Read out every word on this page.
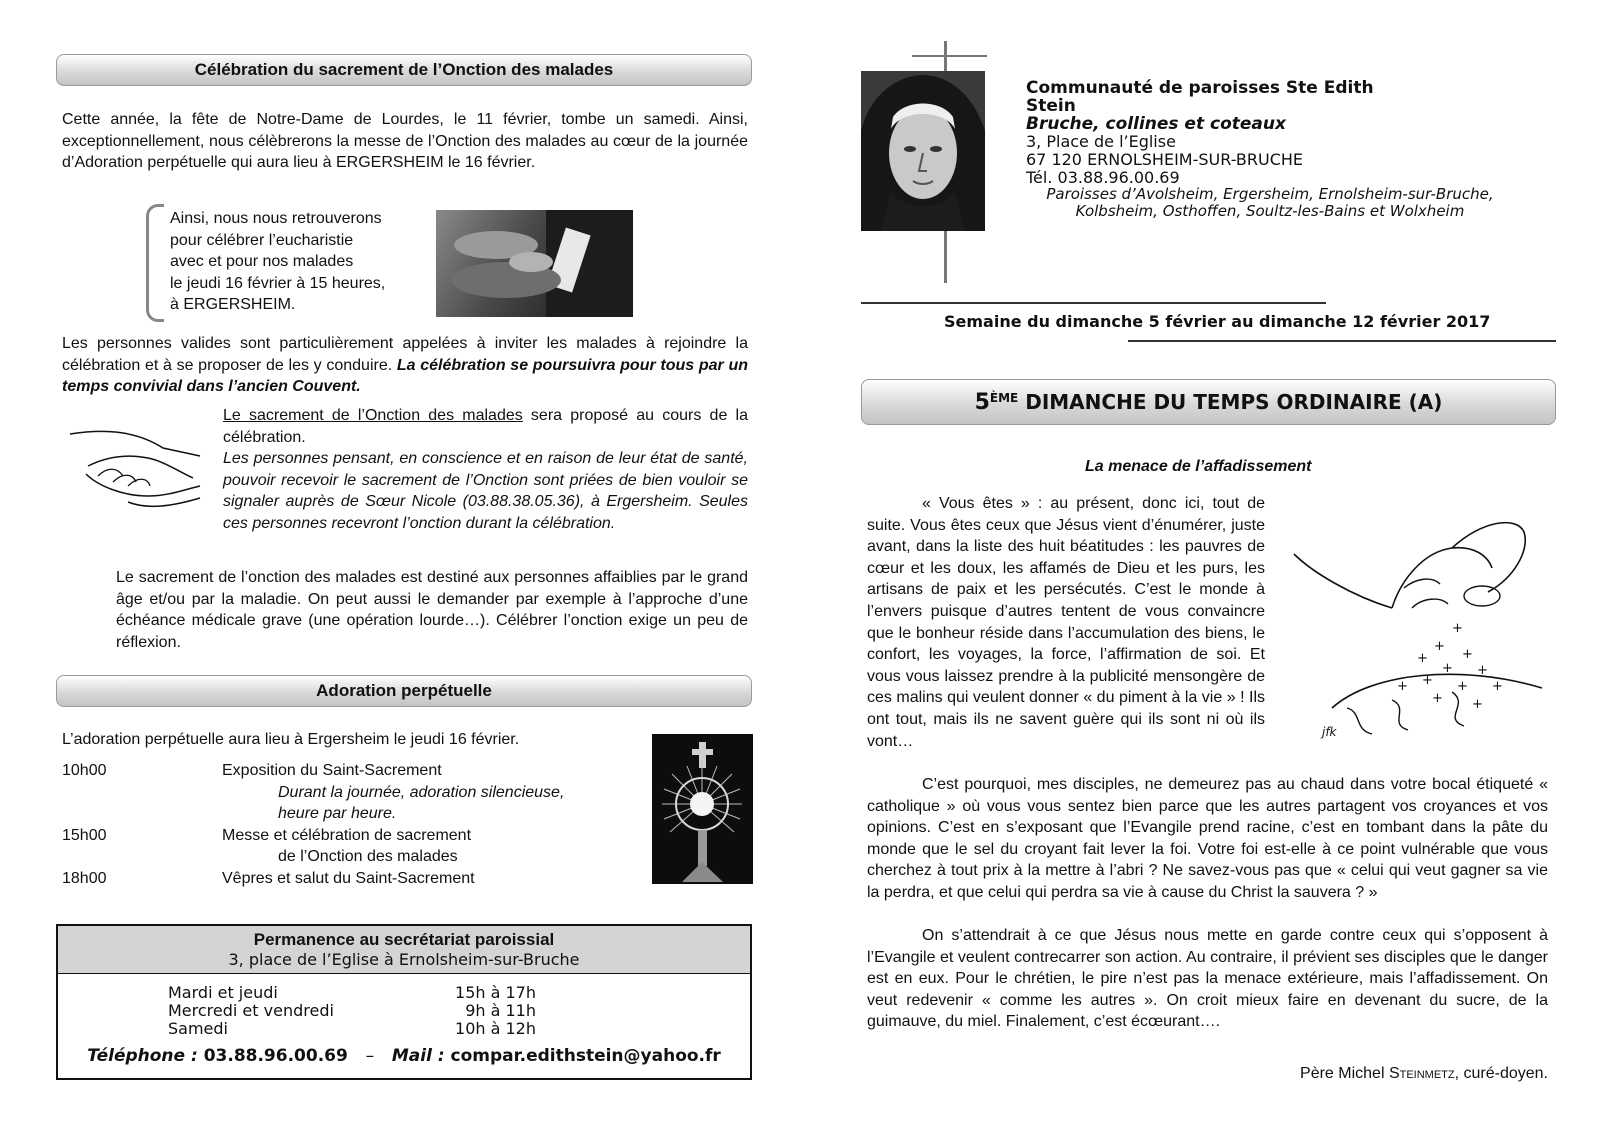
Célébration du sacrement de l’Onction des malades
Cette année, la fête de Notre-Dame de Lourdes, le 11 février, tombe un samedi. Ainsi, exceptionnellement, nous célèbrerons la messe de l’Onction des malades au cœur de la journée d’Adoration perpétuelle qui aura lieu à ERGERSHEIM le 16 février.
Ainsi, nous nous retrouverons
pour célébrer l’eucharistie
avec et pour nos malades
le jeudi 16 février à 15 heures,
à ERGERSHEIM.
Les personnes valides sont particulièrement appelées à inviter les malades à rejoindre la célébration et à se proposer de les y conduire. La célébration se poursuivra pour tous par un temps convivial dans l’ancien Couvent.

Le sacrement de l’Onction des malades sera proposé au cours de la célébration.

Les personnes pensant, en conscience et en raison de leur état de santé, pouvoir recevoir le sacrement de l’Onction sont priées de bien vouloir se signaler auprès de Sœur Nicole (03.88.38.05.36), à Ergersheim. Seules ces personnes recevront l’onction durant la célébration.

Le sacrement de l’onction des malades est destiné aux personnes affaiblies par le grand âge et/ou par la maladie. On peut aussi le demander par exemple à l’approche d’une échéance médicale grave (une opération lourde…). Célébrer l’onction exige un peu de réflexion.
Adoration perpétuelle
L’adoration perpétuelle aura lieu à Ergersheim le jeudi 16 février.
10h00	Exposition du Saint-Sacrement
Durant la journée, adoration silencieuse,
heure par heure.
15h00	Messe et célébration de sacrement
de l’Onction des malades
18h00	Vêpres et salut du Saint-Sacrement
Permanence au secrétariat paroissial
3, place de l’Eglise à Ernolsheim-sur-Bruche
Mardi et jeudi	15h à 17h
Mercredi et vendredi	9h à 11h
Samedi	10h à 12h
Téléphone : 03.88.96.00.69 – Mail : compar.edithstein@yahoo.fr
Communauté de paroisses Ste Edith Stein
Bruche, collines et coteaux
3, Place de l’Eglise
67 120 ERNOLSHEIM-SUR-BRUCHE
Tél. 03.88.96.00.69
Paroisses d’Avolsheim, Ergersheim, Ernolsheim-sur-Bruche,
Kolbsheim, Osthoffen, Soultz-les-Bains et Wolxheim
Semaine du dimanche 5 février au dimanche 12 février 2017
5ÈME
DIMANCHE DU TEMPS ORDINAIRE (A)
La menace de l’affadissement
+
+
+	+
+ +
+ +
+	+
+ +
jfk
« Vous êtes » : au présent, donc ici, tout de suite. Vous êtes ceux que Jésus vient d’énumérer, juste avant, dans la liste des huit béatitudes : les pauvres de cœur et les doux, les affamés de Dieu et les purs, les artisans de paix et les persécutés. C’est le monde à l’envers puisque d’autres tentent de vous convaincre que le bonheur réside dans l’accumulation des biens, le confort, les voyages, la force, l’affirmation de soi. Et vous vous laissez prendre à la publicité mensongère de ces malins qui veulent donner « du piment à la vie » ! Ils ont tout, mais ils ne savent guère qui ils sont ni où ils vont…
C’est pourquoi, mes disciples, ne demeurez pas au chaud dans votre bocal étiqueté « catholique » où vous vous sentez bien parce que les autres partagent vos croyances et vos opinions. C’est en s’exposant que l’Evangile prend racine, c’est en tombant dans la pâte du monde que le sel du croyant fait lever la foi. Votre foi est-elle à ce point vulnérable que vous cherchez à tout prix à la mettre à l’abri ? Ne savez-vous pas que « celui qui veut gagner sa vie la perdra, et que celui qui perdra sa vie à cause du Christ la sauvera ? »
On s’attendrait à ce que Jésus nous mette en garde contre ceux qui s’opposent à l’Evangile et veulent contrecarrer son action. Au contraire, il prévient ses disciples que le danger est en eux. Pour le chrétien, le pire n’est pas la menace extérieure, mais l’affadissement. On veut redevenir « comme les autres ». On croit mieux faire en devenant du sucre, de la guimauve, du miel. Finalement, c’est écœurant….
Père Michel Steinmetz, curé-doyen.
